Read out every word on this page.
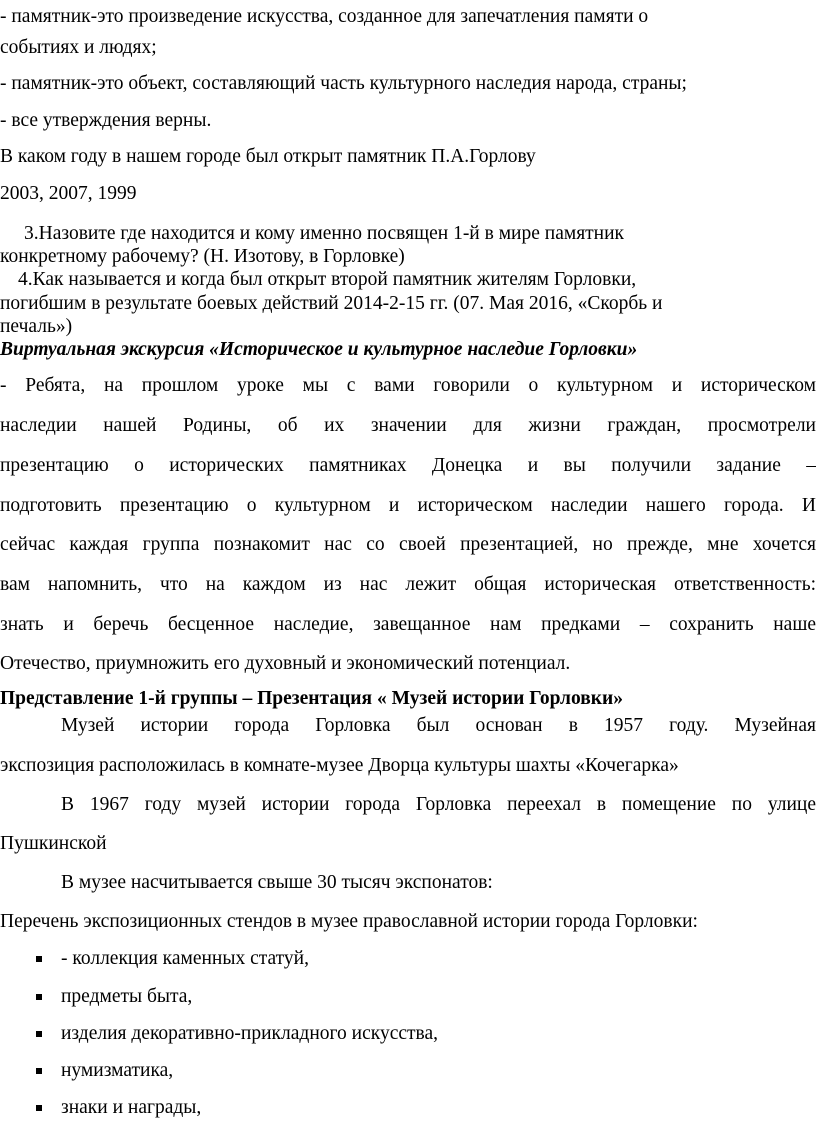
- памятник-это произведение искусства, созданное для запечатления памяти о
событиях и людях;
- памятник-это объект, составляющий часть культурного наследия народа, страны;
- все утверждения верны.
В каком году в нашем городе был открыт памятник П.А.Горлову
2003, 2007, 1999
3.Назовите где находится и кому именно посвящен 1-й в мире памятник
конкретному рабочему? (Н. Изотову, в Горловке)
4.Как называется и когда был открыт второй памятник жителям Горловки,
погибшим в результате боевых действий 2014-2-15 гг. (07. Мая 2016, «Скорбь и
печаль»)
Виртуальная экскурсия «Историческое и культурное наследие Горловки»
- Ребята, на прошлом уроке мы с вами говорили о культурном и историческом
наследии нашей Родины, об их значении для жизни граждан, просмотрели
презентацию о исторических памятниках Донецка и вы получили задание –
подготовить презентацию о культурном и историческом наследии нашего города. И
сейчас каждая группа познакомит нас со своей презентацией, но прежде, мне хочется
вам напомнить, что на каждом из нас лежит общая историческая ответственность:
знать и беречь бесценное наследие, завещанное нам предками – сохранить наше
Отечество, приумножить его духовный и экономический потенциал.
Представление 1-й группы – Презентация « Музей истории Горловки»
Музей истории города Горловка был основан в 1957 году. Музейная
экспозиция расположилась в комнате-музее Дворца культуры шахты «Кочегарка»
В 1967 году музей истории города Горловка переехал в помещение по улице
Пушкинской
В музее насчитывается свыше 30 тысяч экспонатов:
Перечень экспозиционных стендов в музее православной истории города Горловки:
- коллекция каменных статуй,
предметы быта,
изделия декоративно-прикладного искусства,
нумизматика,
знаки и награды,
